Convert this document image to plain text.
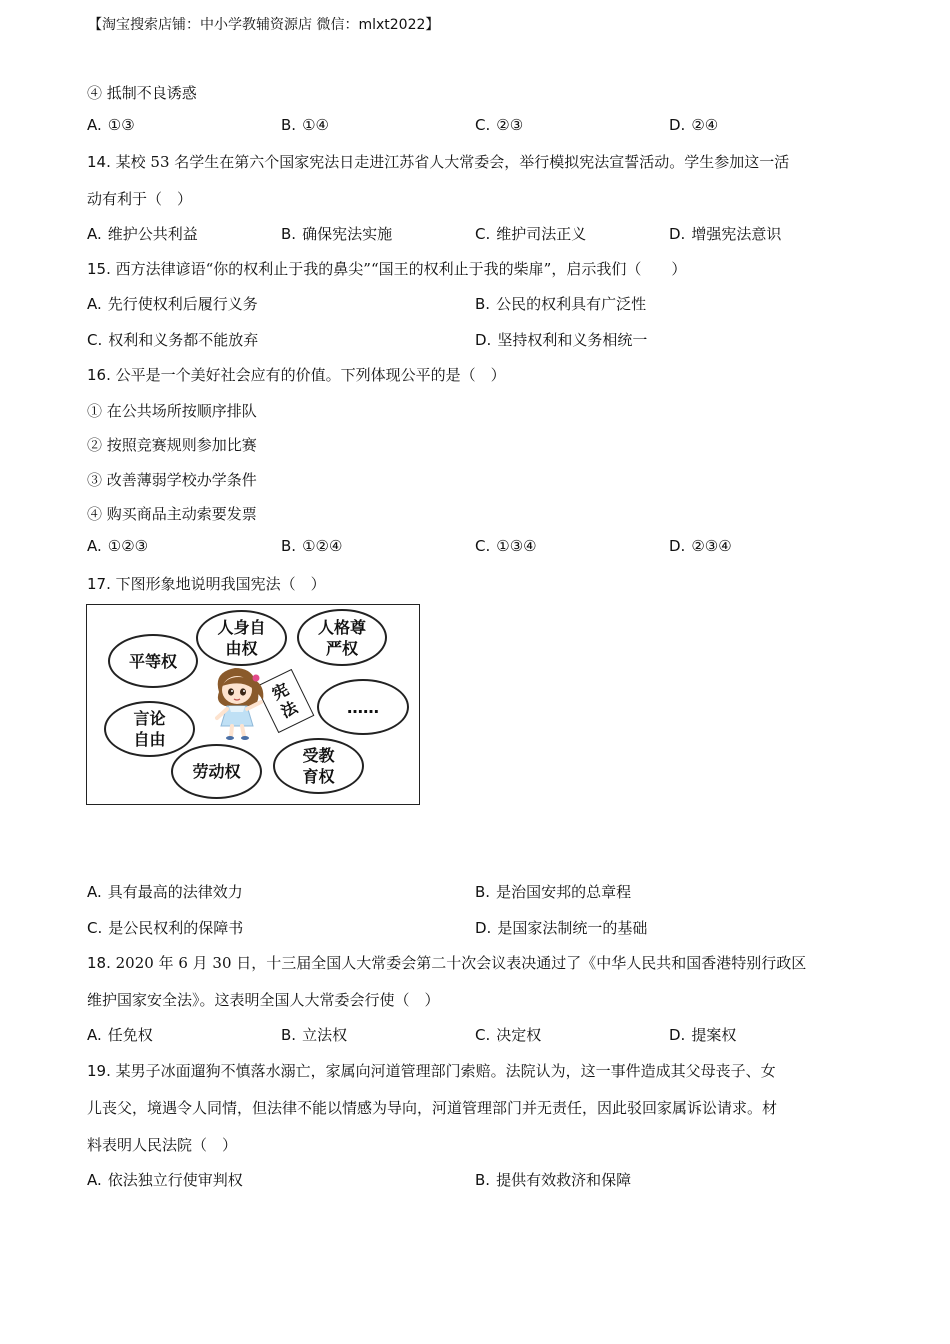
【淘宝搜索店铺：中小学教辅资源店 微信：mlxt2022】
④ 抵制不良诱惑
A. ①③	B. ①④	C. ②③	D. ②④
14. 某校 53 名学生在第六个国家宪法日走进江苏省人大常委会，举行模拟宪法宣誓活动。学生参加这一活
动有利于（　）
A. 维护公共利益	B. 确保宪法实施	C. 维护司法正义	D. 增强宪法意识
15. 西方法律谚语“你的权利止于我的鼻尖”“国王的权利止于我的柴扉”，启示我们（　　）
A. 先行使权利后履行义务	B. 公民的权利具有广泛性
C. 权利和义务都不能放弃	D. 坚持权利和义务相统一
16. 公平是一个美好社会应有的价值。下列体现公平的是（　）
① 在公共场所按顺序排队
② 按照竞赛规则参加比赛
③ 改善薄弱学校办学条件
④ 购买商品主动索要发票
A. ①②③	B. ①②④	C. ①③④	D. ②③④
17. 下图形象地说明我国宪法（　）
平等权
人身自
由权
人格尊
严权
言论
自由
劳动权
受教
育权
……
宪
法
A. 具有最高的法律效力	B. 是治国安邦的总章程
C. 是公民权利的保障书	D. 是国家法制统一的基础
18. 2020 年 6 月 30 日，十三届全国人大常委会第二十次会议表决通过了《中华人民共和国香港特别行政区
维护国家安全法》。这表明全国人大常委会行使（　）
A. 任免权	B. 立法权	C. 决定权	D. 提案权
19. 某男子冰面遛狗不慎落水溺亡，家属向河道管理部门索赔。法院认为，这一事件造成其父母丧子、女
儿丧父，境遇令人同情，但法律不能以情感为导向，河道管理部门并无责任，因此驳回家属诉讼请求。材
料表明人民法院（　）
A. 依法独立行使审判权	B. 提供有效救济和保障
